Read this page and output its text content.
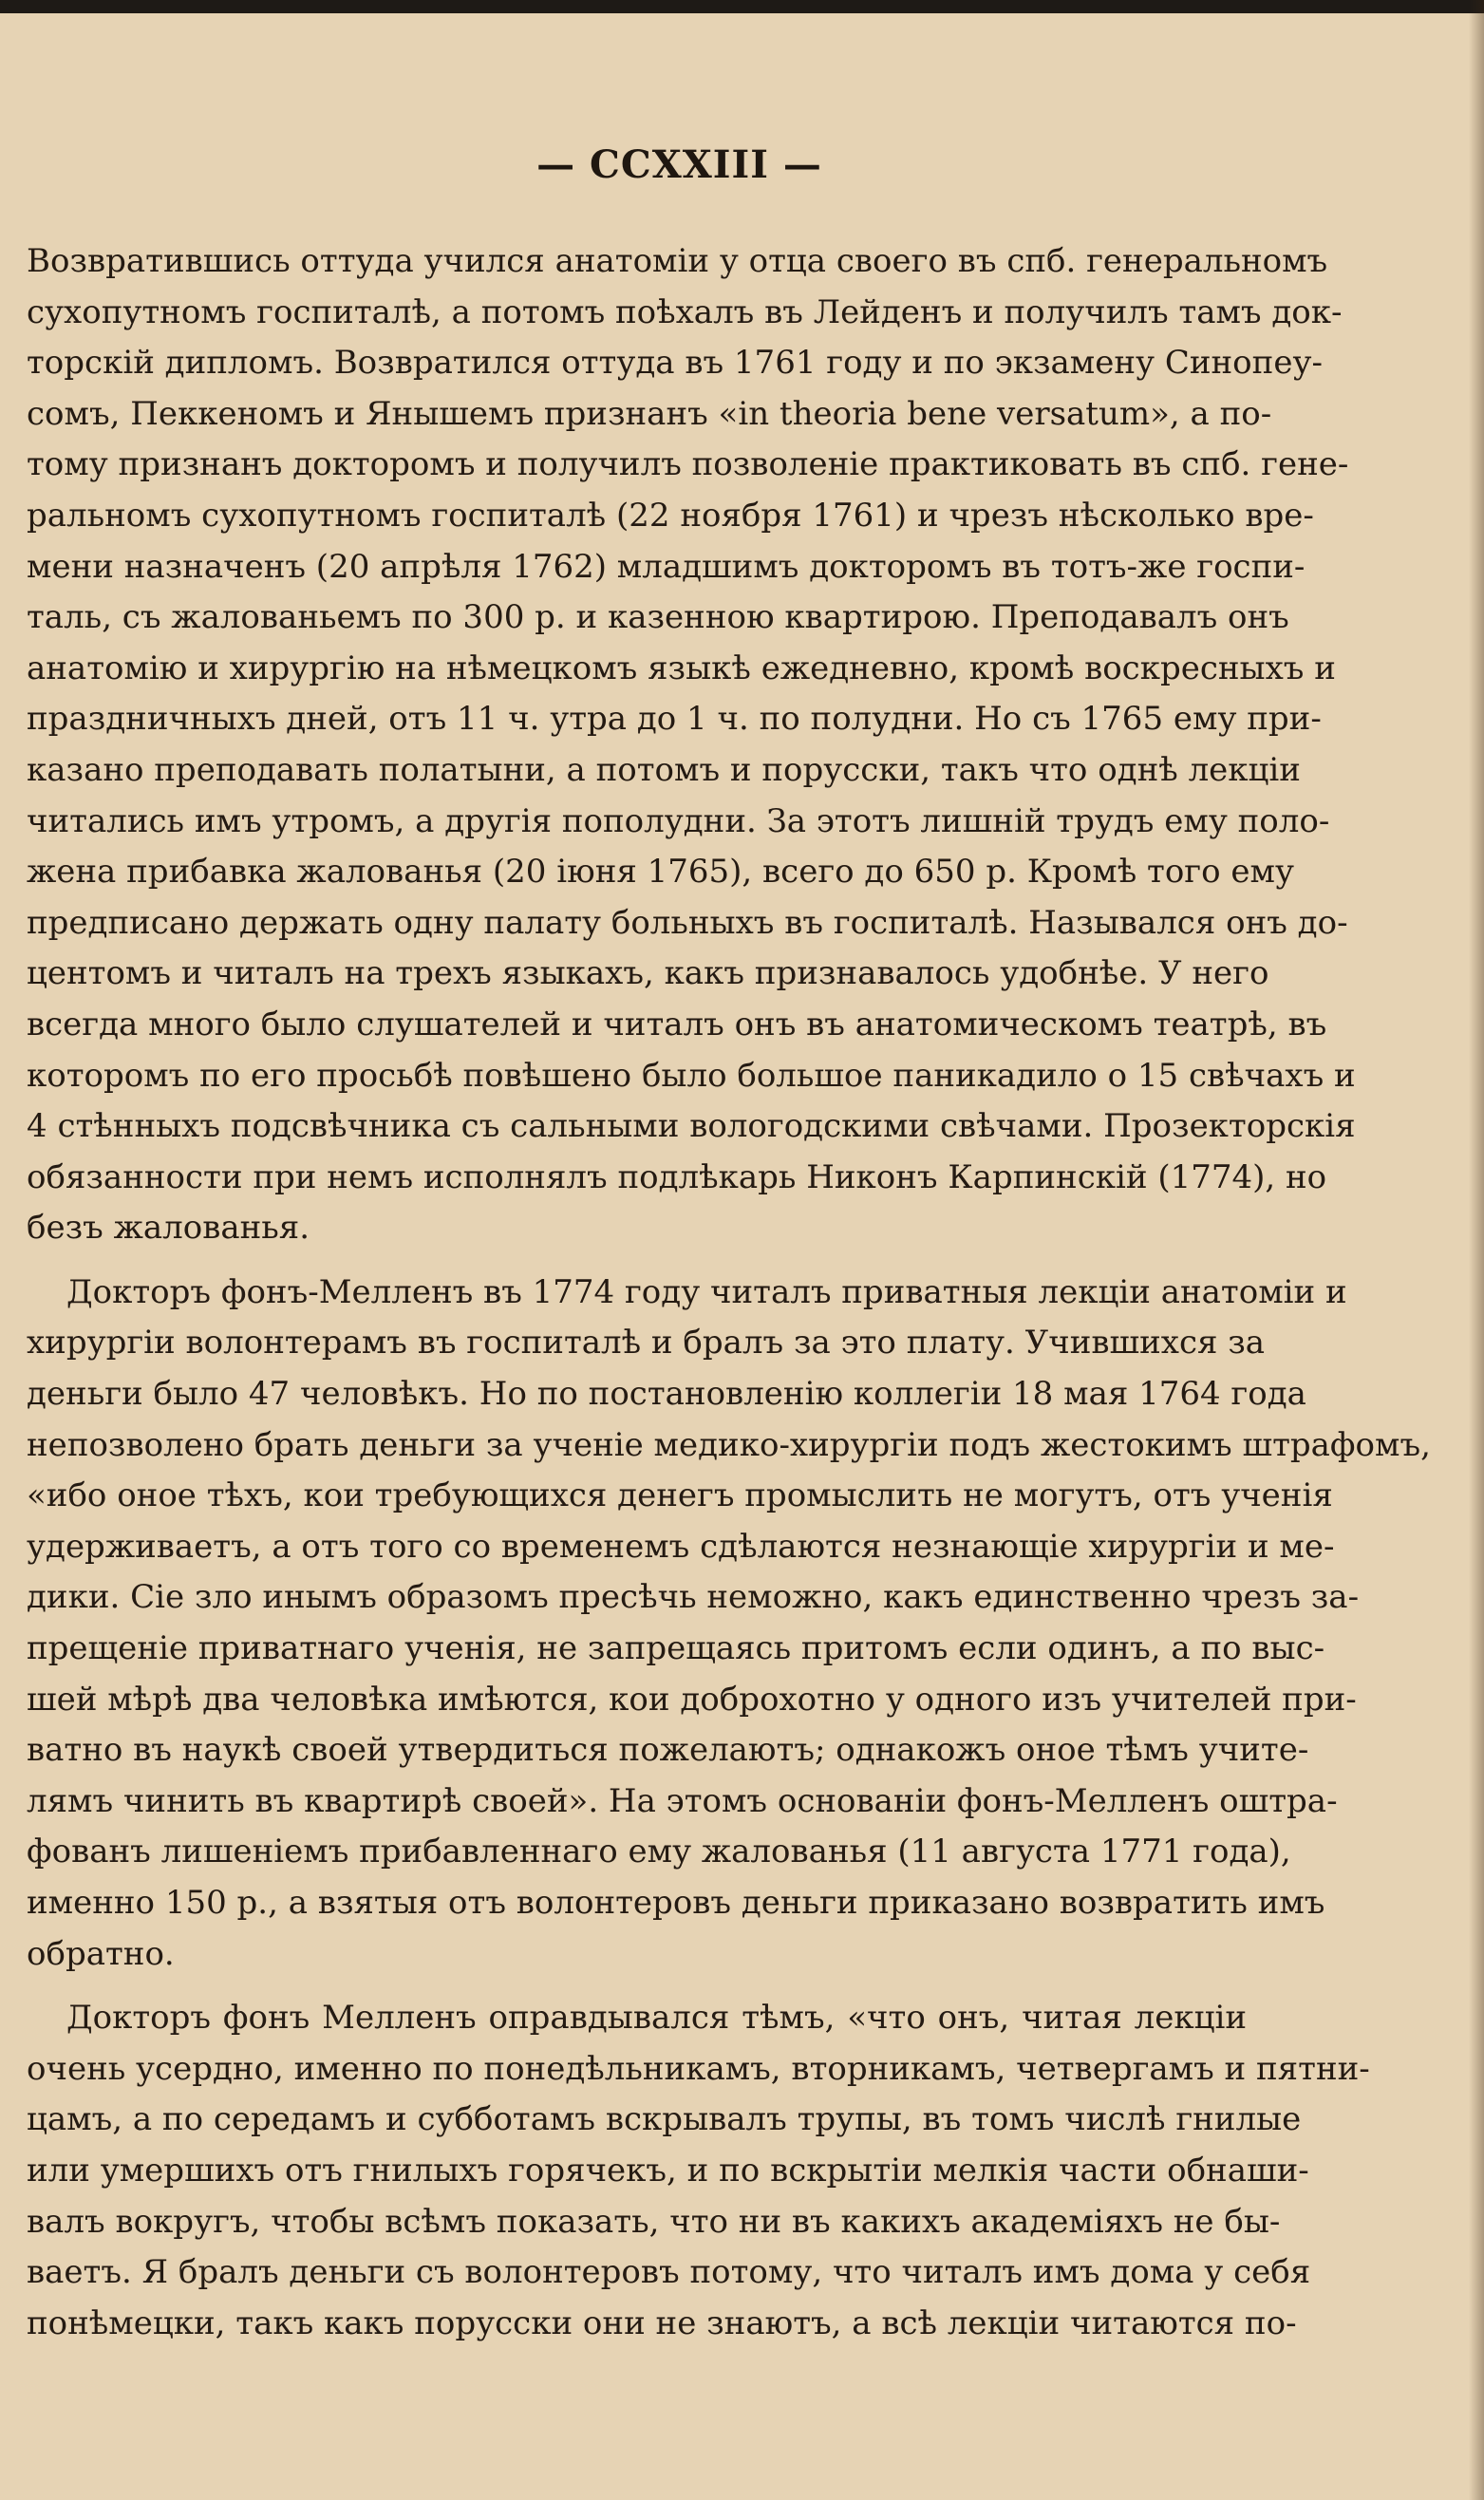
— CCXXIII —
Возвратившись оттуда учился анатоміи у отца своего въ спб. генеральномъ
сухопутномъ госпиталѣ, а потомъ поѣхалъ въ Лейденъ и получилъ тамъ док-
торскій дипломъ. Возвратился оттуда въ 1761 году и по экзамену Синопеу-
сомъ, Пеккеномъ и Янышемъ признанъ «in theoria bene versatum», а по-
тому признанъ докторомъ и получилъ позволеніе практиковать въ спб. гене-
ральномъ сухопутномъ госпиталѣ (22 ноября 1761) и чрезъ нѣсколько вре-
мени назначенъ (20 апрѣля 1762) младшимъ докторомъ въ тотъ-же госпи-
таль, съ жалованьемъ по 300 р. и казенною квартирою. Преподавалъ онъ
анатомію и хирургію на нѣмецкомъ языкѣ ежедневно, кромѣ воскресныхъ и
праздничныхъ дней, отъ 11 ч. утра до 1 ч. по полудни. Но съ 1765 ему при-
казано преподавать полатыни, а потомъ и порусски, такъ что однѣ лекціи
читались имъ утромъ, а другія пополудни. За этотъ лишній трудъ ему поло-
жена прибавка жалованья (20 іюня 1765), всего до 650 р. Кромѣ того ему
предписано держать одну палату больныхъ въ госпиталѣ. Назывался онъ до-
центомъ и читалъ на трехъ языкахъ, какъ признавалось удобнѣе. У него
всегда много было слушателей и читалъ онъ въ анатомическомъ театрѣ, въ
которомъ по его просьбѣ повѣшено было большое паникадило о 15 свѣчахъ и
4 стѣнныхъ подсвѣчника съ сальными вологодскими свѣчами. Прозекторскія
обязанности при немъ исполнялъ подлѣкарь Никонъ Карпинскій (1774), но
безъ жалованья.
Докторъ фонъ-Мелленъ въ 1774 году читалъ приватныя лекціи анатоміи и
хирургіи волонтерамъ въ госпиталѣ и бралъ за это плату. Учившихся за
деньги было 47 человѣкъ. Но по постановленію коллегіи 18 мая 1764 года
непозволено брать деньги за ученіе медико-хирургіи подъ жестокимъ штрафомъ,
«ибо оное тѣхъ, кои требующихся денегъ промыслить не могутъ, отъ ученія
удерживаетъ, а отъ того со временемъ сдѣлаются незнающіе хирургіи и ме-
дики. Сіе зло инымъ образомъ пресѣчь неможно, какъ единственно чрезъ за-
прещеніе приватнаго ученія, не запрещаясь притомъ если одинъ, а по выс-
шей мѣрѣ два человѣка имѣются, кои доброхотно у одного изъ учителей при-
ватно въ наукѣ своей утвердиться пожелаютъ; однакожъ оное тѣмъ учите-
лямъ чинить въ квартирѣ своей». На этомъ основаніи фонъ-Мелленъ оштра-
фованъ лишеніемъ прибавленнаго ему жалованья (11 августа 1771 года),
именно 150 р., а взятыя отъ волонтеровъ деньги приказано возвратить имъ
обратно.
Докторъ фонъ Мелленъ оправдывался тѣмъ, «что онъ, читая лекціи
очень усердно, именно по понедѣльникамъ, вторникамъ, четвергамъ и пятни-
цамъ, а по середамъ и субботамъ вскрывалъ трупы, въ томъ числѣ гнилые
или умершихъ отъ гнилыхъ горячекъ, и по вскрытіи мелкія части обнаши-
валъ вокругъ, чтобы всѣмъ показать, что ни въ какихъ академіяхъ не бы-
ваетъ. Я бралъ деньги съ волонтеровъ потому, что читалъ имъ дома у себя
понѣмецки, такъ какъ порусски они не знаютъ, а всѣ лекціи читаются по-
